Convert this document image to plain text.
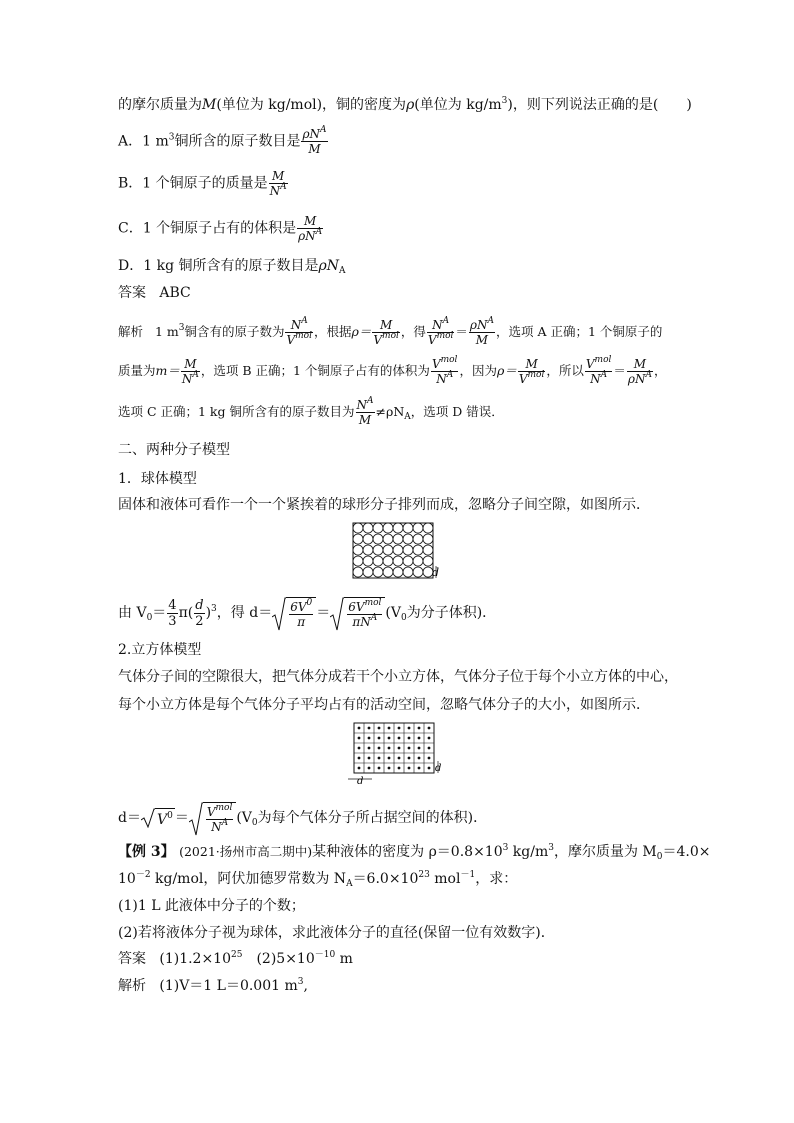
的摩尔质量为M(单位为 kg/mol)，铜的密度为ρ(单位为 $kg/m^3$)，则下列说法正确的是(　　)
A．1 $m^3$铜所含的原子数目是 $\frac{\rho N^A}{M}$
B．1 个铜原子的质量是 $\frac{M}{N^A}$
C．1 个铜原子占有的体积是 $\frac{M}{\rho N^A}$
D．1 kg 铜所含有的原子数目是$\rho N_A$
答案 ABC
解析 1 $m^3$铜含有的原子数为 $\frac{N^A}{V^{mol}}$ ，根据$\rho= \frac{M}{V^{mol}}$ ，得 $\frac{N^A}{V^{mol}} = \frac{\rho N^A}{M}$ ，选项 A 正确；1 个铜原子的
质量为$m= \frac{M}{N^A}$ ，选项 B 正确；1 个铜原子占有的体积为 $\frac{V^{mol}}{N^A}$ ，因为$\rho= \frac{M}{V^{mol}}$ ，所以 $\frac{V^{mol}}{N^A} = \frac{M}{\rho N^A}$ ，
选项 C 正确；1 kg 铜所含有的原子数目为 $\frac{N^A}{M} \ne\rho N_A$，选项 D 错误．
二、两种分子模型
1．球体模型
固体和液体可看作一个一个紧挨着的球形分子排列而成，忽略分子间空隙，如图所示．
d
由 $V_0= \frac{4}{3} \pi( \frac{d}{2} )^3$，得 $d= \frac{6V^0}{\pi} = \frac{6V^{mol}}{\pi N^A} (V_0$为分子体积)．
2.立方体模型
气体分子间的空隙很大，把气体分成若干个小立方体，气体分子位于每个小立方体的中心，
每个小立方体是每个气体分子平均占有的活动空间，忽略气体分子的大小，如图所示．
d
d
$d= V^0 = \frac{V^{mol}}{N^A} (V_0$为每个气体分子所占据空间的体积)．
【例 3】 (2021·扬州市高二期中)某种液体的密度为 $\rho=0.8\times 10^3$ $kg/m^3$，摩尔质量为 $M_0=4.0\times$
$10^{-2}$ kg/mol，阿伏加德罗常数为 $N_A=6.0\times 10^{23}$ mol$^{-1}$，求：
(1)1 L 此液体中分子的个数；
(2)若将液体分子视为球体，求此液体分子的直径(保留一位有效数字)．
答案 $(1)1.2\times 10^{25}$　$(2)5\times 10^{-10}$ m
解析 (1)V＝1 L＝0.001 $m^3$,
